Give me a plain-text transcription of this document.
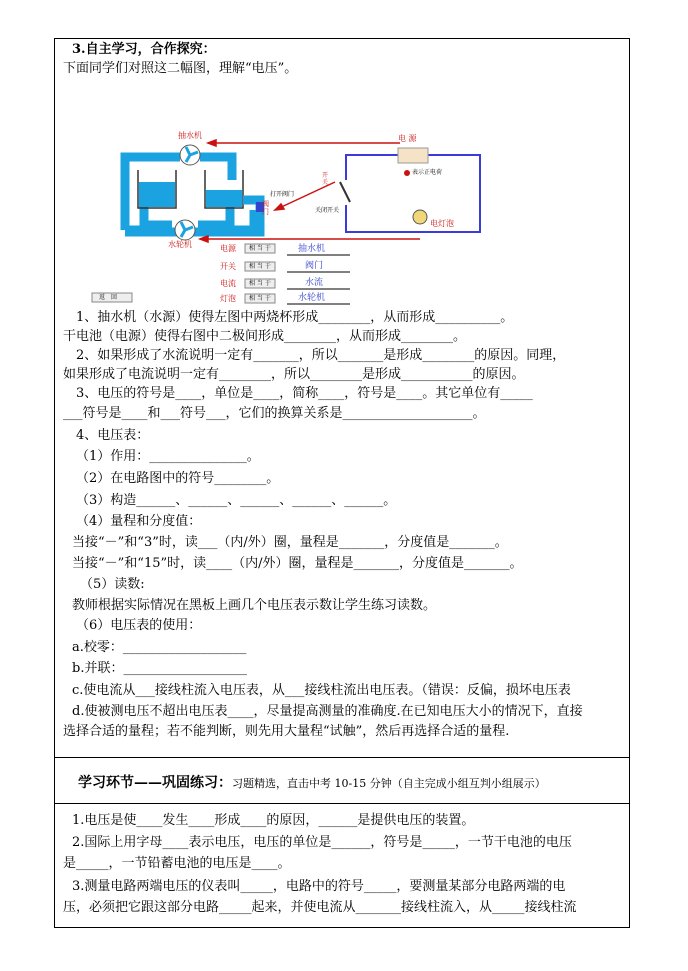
3.自主学习，合作探究：
下面同学们对照这二幅图，理解“电压”。
抽水机
水轮机
打开阀门
阀门
电 源
表示正电荷
电灯泡
开关
关闭开关
返　回
电源 相 当 于	抽水机
开关 相 当 于	阀门
电流 相 当 于	水流
灯泡 相 当 于	水轮机
1、抽水机（水源）使得左图中两烧杯形成________，从而形成__________。
干电池（电源）使得右图中二极间形成________，从而形成________。
2、如果形成了水流说明一定有_______，所以_______是形成________的原因。同理，
如果形成了电流说明一定有________，所以________是形成___________的原因。
3、电压的符号是____，单位是____，简称____，符号是____。其它单位有_____
___符号是____和___符号___，它们的换算关系是____________________。
4、电压表：
（1）作用：_______________。
（2）在电路图中的符号________。
（3）构造______、______、______、______、______。
（4）量程和分度值：
当接“－”和“3”时，读___（内/外）圈，量程是_______，分度值是_______。
当接“－”和“15”时，读____（内/外）圈，量程是_______，分度值是_______。
（5）读数:
教师根据实际情况在黑板上画几个电压表示数让学生练习读数。
（6）电压表的使用：
a.校零：___________________
b.并联：___________________
c.使电流从___接线柱流入电压表，从___接线柱流出电压表。（错误：反偏，损坏电压表
d.使被测电压不超出电压表____，尽量提高测量的准确度.在已知电压大小的情况下，直接
选择合适的量程；若不能判断，则先用大量程“试触”，然后再选择合适的量程.
学习环节——巩固练习：习题精选，直击中考 10-15 分钟（自主完成小组互判小组展示）
1.电压是使____发生____形成____的原因，______是提供电压的装置。
2.国际上用字母____表示电压，电压的单位是______，符号是_____，一节干电池的电压
是_____，一节铅蓄电池的电压是____。
3.测量电路两端电压的仪表叫_____，电路中的符号_____，要测量某部分电路两端的电
压，必须把它跟这部分电路_____起来，并使电流从_______接线柱流入，从_____接线柱流
